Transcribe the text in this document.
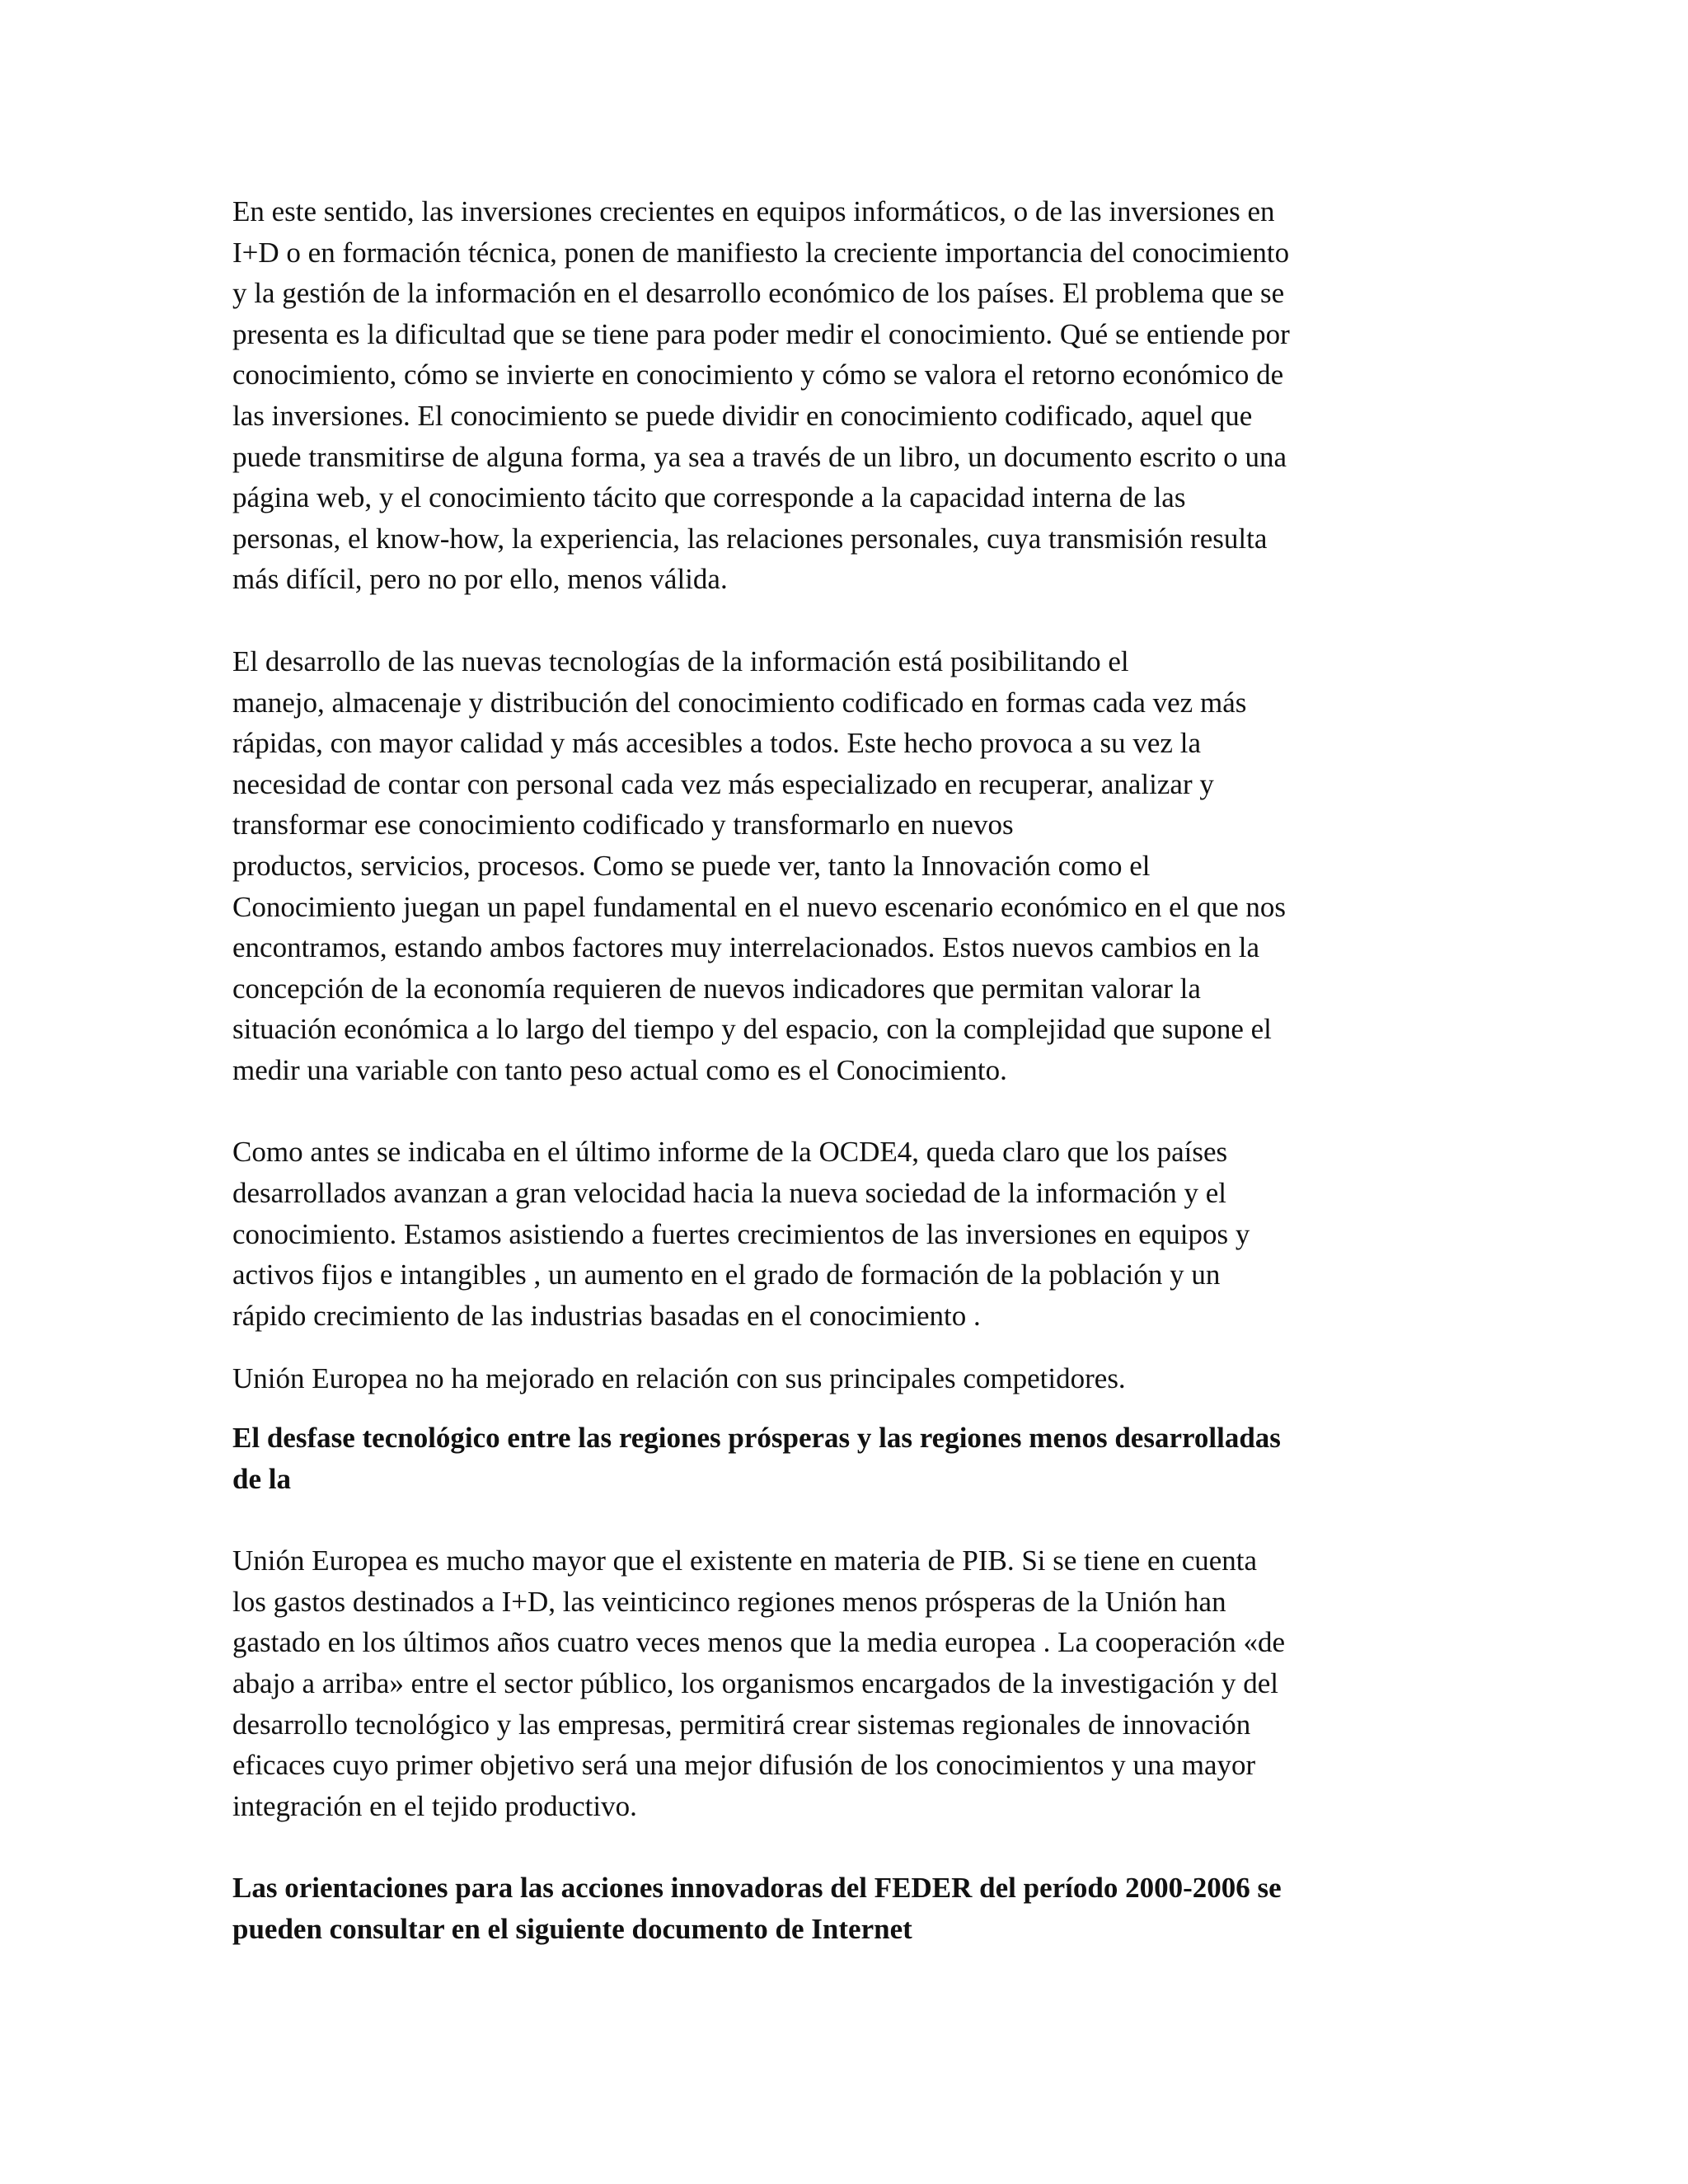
En este sentido, las inversiones crecientes en equipos informáticos, o de las inversiones en
I+D o en formación técnica, ponen de manifiesto la creciente importancia del conocimiento
y la gestión de la información en el desarrollo económico de los países. El problema que se
presenta es la dificultad que se tiene para poder medir el conocimiento. Qué se entiende por
conocimiento, cómo se invierte en conocimiento y cómo se valora el retorno económico de
las inversiones. El conocimiento se puede dividir en conocimiento codificado, aquel que
puede transmitirse de alguna forma, ya sea a través de un libro, un documento escrito o una
página web, y el conocimiento tácito que corresponde a la capacidad interna de las
personas, el know-how, la experiencia, las relaciones personales, cuya transmisión resulta
más difícil, pero no por ello, menos válida.

El desarrollo de las nuevas tecnologías de la información está posibilitando el
manejo, almacenaje y distribución del conocimiento codificado en formas cada vez más
rápidas, con mayor calidad y más accesibles a todos. Este hecho provoca a su vez la
necesidad de contar con personal cada vez más especializado en recuperar, analizar y
transformar ese conocimiento codificado y transformarlo en nuevos
productos, servicios, procesos. Como se puede ver, tanto la Innovación como el
Conocimiento juegan un papel fundamental en el nuevo escenario económico en el que nos
encontramos, estando ambos factores muy interrelacionados. Estos nuevos cambios en la
concepción de la economía requieren de nuevos indicadores que permitan valorar la
situación económica a lo largo del tiempo y del espacio, con la complejidad que supone el
medir una variable con tanto peso actual como es el Conocimiento.

Como antes se indicaba en el último informe de la OCDE4, queda claro que los países
desarrollados avanzan a gran velocidad hacia la nueva sociedad de la información y el
conocimiento. Estamos asistiendo a fuertes crecimientos de las inversiones en equipos y
activos fijos e intangibles , un aumento en el grado de formación de la población y un
rápido crecimiento de las industrias basadas en el conocimiento .

Unión Europea no ha mejorado en relación con sus principales competidores.

El desfase tecnológico entre las regiones prósperas y las regiones menos desarrolladas
de la

Unión Europea es mucho mayor que el existente en materia de PIB. Si se tiene en cuenta
los gastos destinados a I+D, las veinticinco regiones menos prósperas de la Unión han
gastado en los últimos años cuatro veces menos que la media europea . La cooperación «de
abajo a arriba» entre el sector público, los organismos encargados de la investigación y del
desarrollo tecnológico y las empresas, permitirá crear sistemas regionales de innovación
eficaces cuyo primer objetivo será una mejor difusión de los conocimientos y una mayor
integración en el tejido productivo.

Las orientaciones para las acciones innovadoras del FEDER del período 2000-2006 se
pueden consultar en el siguiente documento de Internet
